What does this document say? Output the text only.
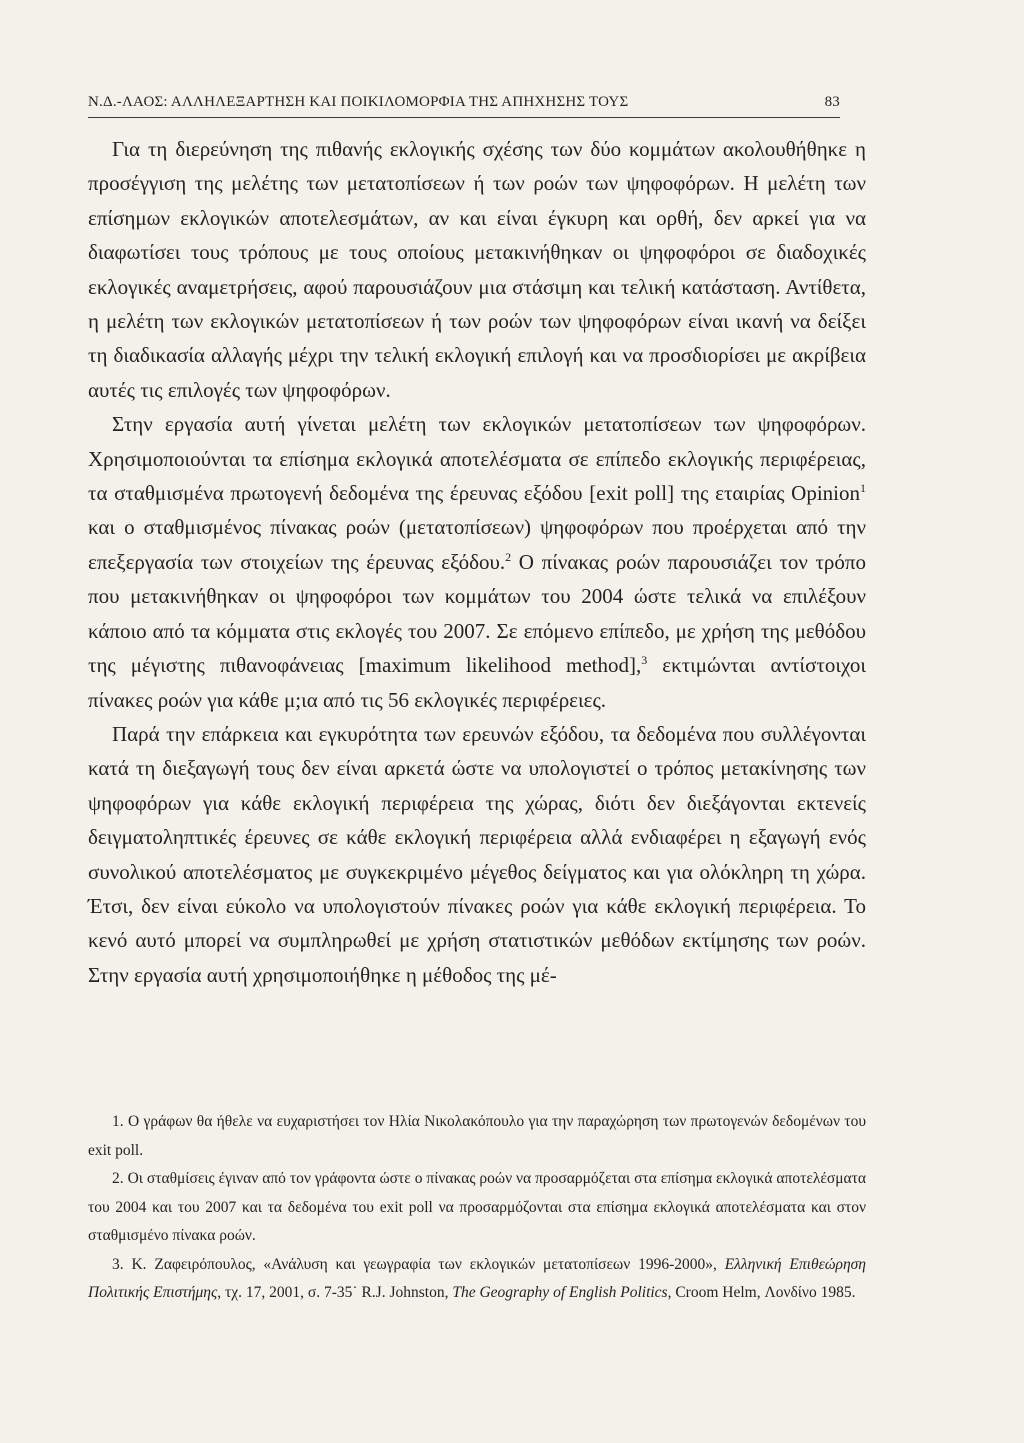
Ν.Δ.-ΛΑΟΣ: ΑΛΛΗΛΕΞΑΡΤΗΣΗ ΚΑΙ ΠΟΙΚΙΛΟΜΟΡΦΙΑ ΤΗΣ ΑΠΗΧΗΣΗΣ ΤΟΥΣ	83

Για τη διερεύνηση της πιθανής εκλογικής σχέσης των δύο κομμάτων ακολουθήθηκε η προσέγγιση της μελέτης των μετατοπίσεων ή των ροών των ψηφοφόρων. Η μελέτη των επίσημων εκλογικών αποτελεσμάτων, αν και είναι έγκυρη και ορθή, δεν αρκεί για να διαφωτίσει τους τρόπους με τους οποίους μετακινήθηκαν οι ψηφοφόροι σε διαδοχικές εκλογικές αναμετρήσεις, αφού παρουσιάζουν μια στάσιμη και τελική κατάσταση. Αντίθετα, η μελέτη των εκλογικών μετατοπίσεων ή των ροών των ψηφοφόρων είναι ικανή να δείξει τη διαδικασία αλλαγής μέχρι την τελική εκλογική επιλογή και να προσδιορίσει με ακρίβεια αυτές τις επιλογές των ψηφοφόρων.

Στην εργασία αυτή γίνεται μελέτη των εκλογικών μετατοπίσεων των ψηφοφόρων. Χρησιμοποιούνται τα επίσημα εκλογικά αποτελέσματα σε επίπεδο εκλογικής περιφέρειας, τα σταθμισμένα πρωτογενή δεδομένα της έρευνας εξόδου [exit poll] της εταιρίας Opinion$^1$ και ο σταθμισμένος πίνακας ροών (μετατοπίσεων) ψηφοφόρων που προέρχεται από την επεξεργασία των στοιχείων της έρευνας εξόδου.$^2$ Ο πίνακας ροών παρουσιάζει τον τρόπο που μετακινήθηκαν οι ψηφοφόροι των κομμάτων του 2004 ώστε τελικά να επιλέξουν κάποιο από τα κόμματα στις εκλογές του 2007. Σε επόμενο επίπεδο, με χρήση της μεθόδου της μέγιστης πιθανοφάνειας [maximum likelihood method],$^3$ εκτιμώνται αντίστοιχοι πίνακες ροών για κάθε μ;ια από τις 56 εκλογικές περιφέρειες.

Παρά την επάρκεια και εγκυρότητα των ερευνών εξόδου, τα δεδομένα που συλλέγονται κατά τη διεξαγωγή τους δεν είναι αρκετά ώστε να υπολογιστεί ο τρόπος μετακίνησης των ψηφοφόρων για κάθε εκλογική περιφέρεια της χώρας, διότι δεν διεξάγονται εκτενείς δειγματοληπτικές έρευνες σε κάθε εκλογική περιφέρεια αλλά ενδιαφέρει η εξαγωγή ενός συνολικού αποτελέσματος με συγκεκριμένο μέγεθος δείγματος και για ολόκληρη τη χώρα. Έτσι, δεν είναι εύκολο να υπολογιστούν πίνακες ροών για κάθε εκλογική περιφέρεια. Το κενό αυτό μπορεί να συμπληρωθεί με χρήση στατιστικών μεθόδων εκτίμησης των ροών. Στην εργασία αυτή χρησιμοποιήθηκε η μέθοδος της μέ-

1. Ο γράφων θα ήθελε να ευχαριστήσει τον Ηλία Νικολακόπουλο για την παραχώρηση των πρωτογενών δεδομένων του exit poll.

2. Οι σταθμίσεις έγιναν από τον γράφοντα ώστε ο πίνακας ροών να προσαρμόζεται στα επίσημα εκλογικά αποτελέσματα του 2004 και του 2007 και τα δεδομένα του exit poll να προσαρμόζονται στα επίσημα εκλογικά αποτελέσματα και στον σταθμισμένο πίνακα ροών.

3. Κ. Ζαφειρόπουλος, «Ανάλυση και γεωγραφία των εκλογικών μετατοπίσεων 1996-2000», Ελληνική Επιθεώρηση Πολιτικής Επιστήμης, τχ. 17, 2001, σ. 7-35˙ R.J. Johnston, The Geography of English Politics, Croom Helm, Λονδίνο 1985.
